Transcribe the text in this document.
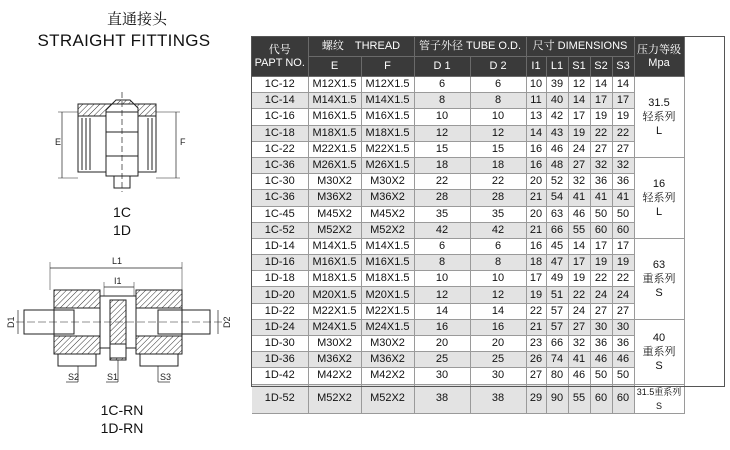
直通接头
STRAIGHT FITTINGS
E	F
L1
I1
D1	D2
S2	S1	S3
1C
1D
1C-RN
1D-RN
代号
PAPT NO.	螺纹　THREAD		管子外径 TUBE O.D.		尺寸 DIMENSIONS					压力等级
Mpa
	E	F	D 1	D 2	I1	L1	S1	S2	S3	
1C-12	M12X1.5	M12X1.5	6	6	10	39	12	14	14	31.5
轻系列
L

1C-14	M14X1.5	M14X1.5	8	8	11	40	14	17	17	
1C-16	M16X1.5	M16X1.5	10	10	13	42	17	19	19	
1C-18	M18X1.5	M18X1.5	12	12	14	43	19	22	22	
1C-22	M22X1.5	M22X1.5	15	15	16	46	24	27	27	
1C-36	M26X1.5	M26X1.5	18	18	16	48	27	32	32	16
轻系列
L

1C-30	M30X2	M30X2	22	22	20	52	32	36	36	
1C-36	M36X2	M36X2	28	28	21	54	41	41	41	
1C-45	M45X2	M45X2	35	35	20	63	46	50	50	
1C-52	M52X2	M52X2	42	42	21	66	55	60	60	
1D-14	M14X1.5	M14X1.5	6	6	16	45	14	17	17	63
重系列
S

1D-16	M16X1.5	M16X1.5	8	8	18	47	17	19	19	
1D-18	M18X1.5	M18X1.5	10	10	17	49	19	22	22	
1D-20	M20X1.5	M20X1.5	12	12	19	51	22	24	24	
1D-22	M22X1.5	M22X1.5	14	14	22	57	24	27	27	
1D-24	M24X1.5	M24X1.5	16	16	21	57	27	30	30	40
重系列
S

1D-30	M30X2	M30X2	20	20	23	66	32	36	36	
1D-36	M36X2	M36X2	25	25	26	74	41	46	46	
1D-42	M42X2	M42X2	30	30	27	80	46	50	50	
1D-52	M52X2	M52X2	38	38	29	90	55	60	60	31.5重系列S
